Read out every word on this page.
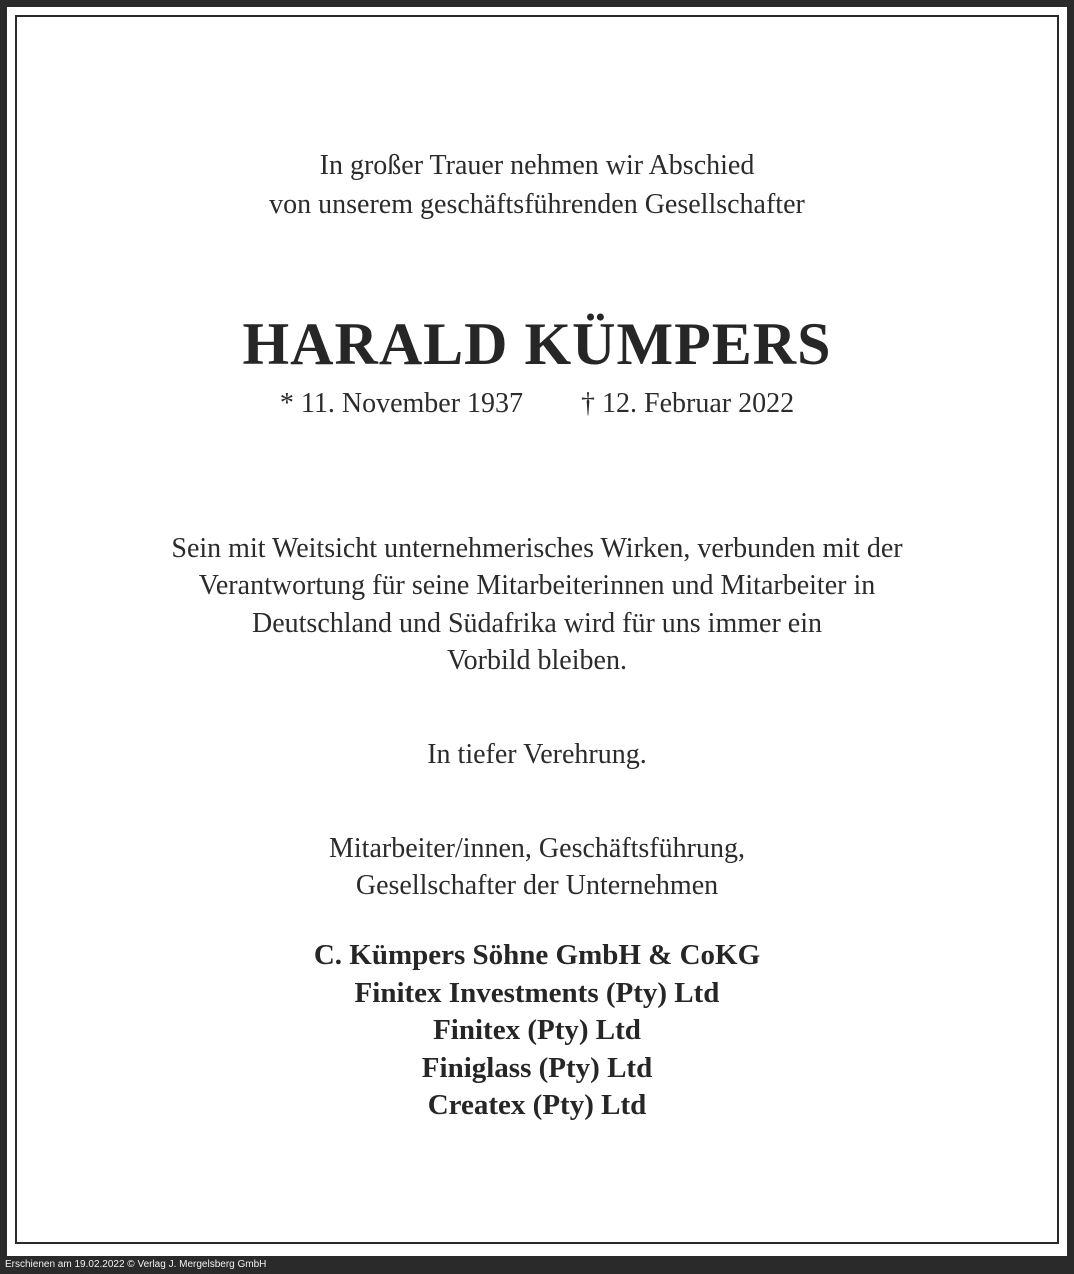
In großer Trauer nehmen wir Abschied
von unserem geschäftsführenden Gesellschafter
HARALD KÜMPERS
* 11. November 1937 † 12. Februar 2022
Sein mit Weitsicht unternehmerisches Wirken, verbunden mit der
Verantwortung für seine Mitarbeiterinnen und Mitarbeiter in
Deutschland und Südafrika wird für uns immer ein
Vorbild bleiben.
In tiefer Verehrung.
Mitarbeiter/innen, Geschäftsführung,
Gesellschafter der Unternehmen
C. Kümpers Söhne GmbH & CoKG
Finitex Investments (Pty) Ltd
Finitex (Pty) Ltd
Finiglass (Pty) Ltd
Createx (Pty) Ltd
Erschienen am 19.02.2022 © Verlag J. Mergelsberg GmbH
